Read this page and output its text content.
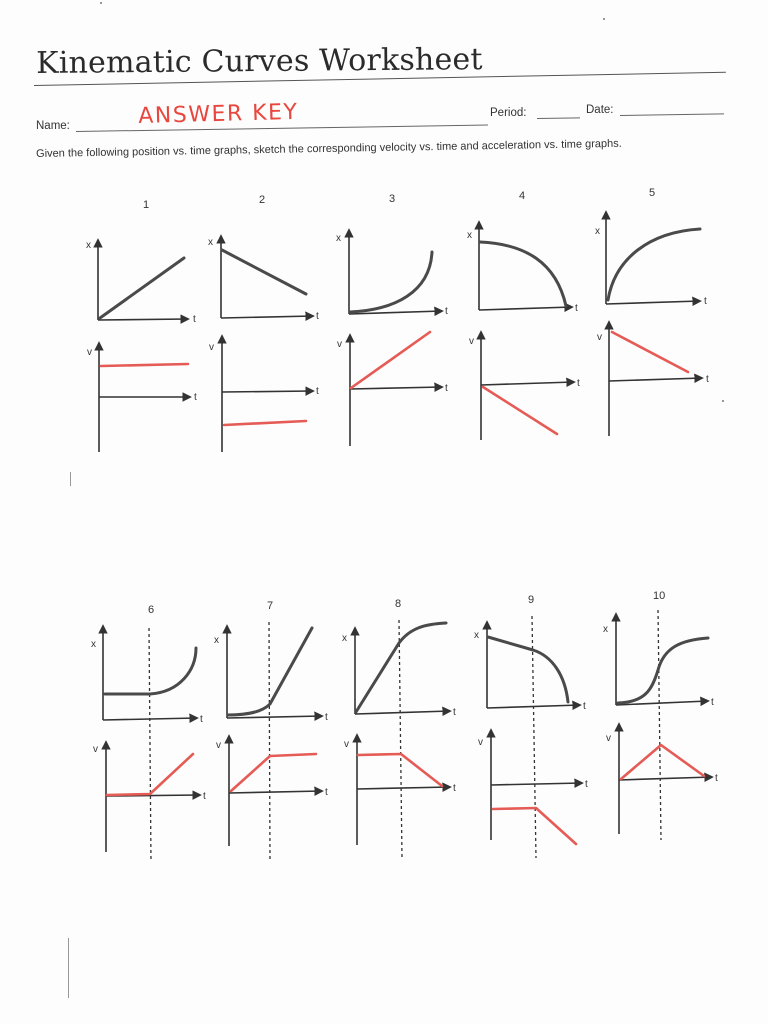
Kinematic Curves Worksheet
Name:	ANSWER KEY	Period:	Date:
Given the following position vs. time graphs, sketch the corresponding velocity vs. time and acceleration vs. time graphs.
1	2	3	4	5
x
t
v
t
x
t
v
t
x
t
v
t
x
t
v
t
x
t
v
t
6	7	8	9	10
x
t
v
t
x
t
v
t
x
t
v
t
x
t
v
t
x
t
v
t
